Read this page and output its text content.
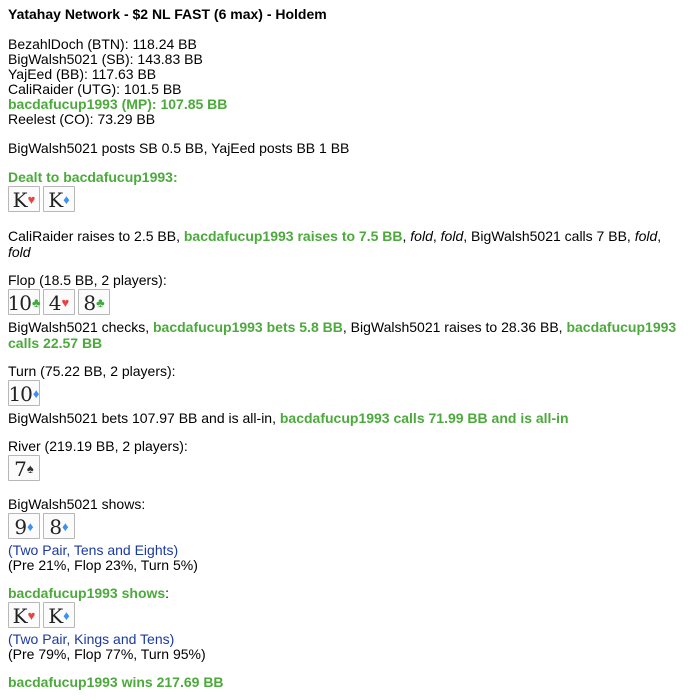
Yatahay Network - $2 NL FAST (6 max) - Holdem
BezahlDoch (BTN): 118.24 BB
BigWalsh5021 (SB): 143.83 BB
YajEed (BB): 117.63 BB
CaliRaider (UTG): 101.5 BB
bacdafucup1993 (MP): 107.85 BB
Reelest (CO): 73.29 BB
BigWalsh5021 posts SB 0.5 BB, YajEed posts BB 1 BB
Dealt to bacdafucup1993:
K ♥ K ♦
CaliRaider raises to 2.5 BB, bacdafucup1993 raises to 7.5 BB, fold, fold, BigWalsh5021 calls 7 BB, fold, fold
Flop (18.5 BB, 2 players):
10 ♣ 4 ♥ 8 ♣
BigWalsh5021 checks, bacdafucup1993 bets 5.8 BB, BigWalsh5021 raises to 28.36 BB, bacdafucup1993 calls 22.57 BB
Turn (75.22 BB, 2 players):
10 ♦
BigWalsh5021 bets 107.97 BB and is all-in, bacdafucup1993 calls 71.99 BB and is all-in
River (219.19 BB, 2 players):
7 ♠
BigWalsh5021 shows:
9 ♦ 8 ♦
(Two Pair, Tens and Eights)
(Pre 21%, Flop 23%, Turn 5%)
bacdafucup1993 shows:
K ♥ K ♦
(Two Pair, Kings and Tens)
(Pre 79%, Flop 77%, Turn 95%)
bacdafucup1993 wins 217.69 BB
